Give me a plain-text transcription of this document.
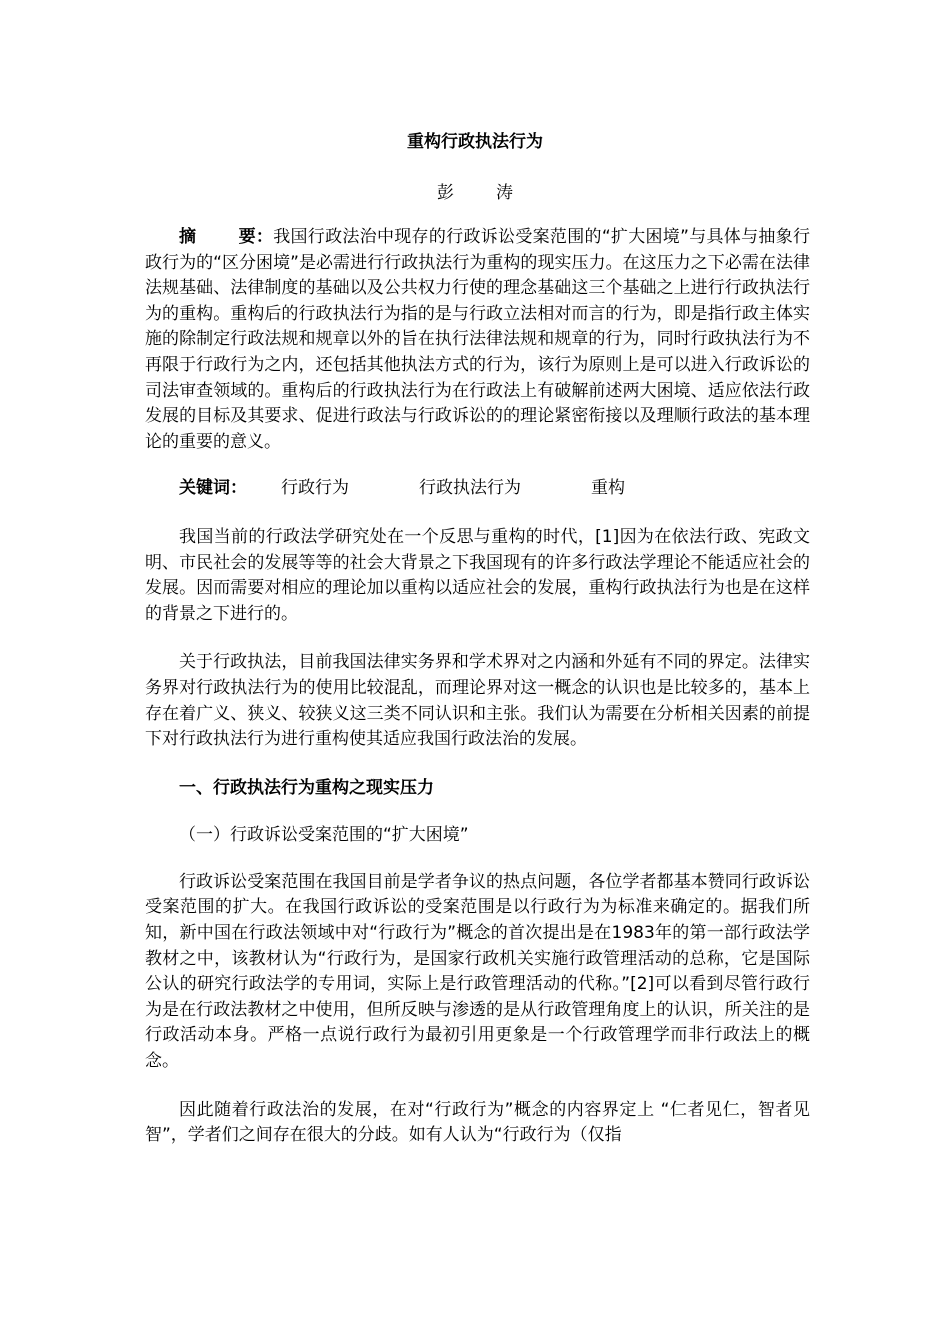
重构行政执法行为
彭 涛

摘 要：我国行政法治中现存的行政诉讼受案范围的“扩大困境”与具体与抽象行政行为的“区分困境”是必需进行行政执法行为重构的现实压力。在这压力之下必需在法律法规基础、法律制度的基础以及公共权力行使的理念基础这三个基础之上进行行政执法行为的重构。重构后的行政执法行为指的是与行政立法相对而言的行为，即是指行政主体实施的除制定行政法规和规章以外的旨在执行法律法规和规章的行为，同时行政执法行为不再限于行政行为之内，还包括其他执法方式的行为，该行为原则上是可以进入行政诉讼的司法审查领域的。重构后的行政执法行为在行政法上有破解前述两大困境、适应依法行政发展的目标及其要求、促进行政法与行政诉讼的的理论紧密衔接以及理顺行政法的基本理论的重要的意义。

关键词： 行政行为	行政执法行为	重构

我国当前的行政法学研究处在一个反思与重构的时代，[1]因为在依法行政、宪政文明、市民社会的发展等等的社会大背景之下我国现有的许多行政法学理论不能适应社会的发展。因而需要对相应的理论加以重构以适应社会的发展，重构行政执法行为也是在这样的背景之下进行的。

关于行政执法，目前我国法律实务界和学术界对之内涵和外延有不同的界定。法律实务界对行政执法行为的使用比较混乱，而理论界对这一概念的认识也是比较多的，基本上存在着广义、狭义、较狭义这三类不同认识和主张。我们认为需要在分析相关因素的前提下对行政执法行为进行重构使其适应我国行政法治的发展。

一、行政执法行为重构之现实压力

（一）行政诉讼受案范围的“扩大困境”

行政诉讼受案范围在我国目前是学者争议的热点问题，各位学者都基本赞同行政诉讼受案范围的扩大。在我国行政诉讼的受案范围是以行政行为为标准来确定的。据我们所知，新中国在行政法领域中对“行政行为”概念的首次提出是在1983年的第一部行政法学教材之中，该教材认为“行政行为，是国家行政机关实施行政管理活动的总称，它是国际公认的研究行政法学的专用词，实际上是行政管理活动的代称。”[2]可以看到尽管行政行为是在行政法教材之中使用，但所反映与渗透的是从行政管理角度上的认识，所关注的是行政活动本身。严格一点说行政行为最初引用更象是一个行政管理学而非行政法上的概念。

因此随着行政法治的发展，在对“行政行为”概念的内容界定上 “仁者见仁，智者见智”，学者们之间存在很大的分歧。如有人认为“行政行为（仅指
